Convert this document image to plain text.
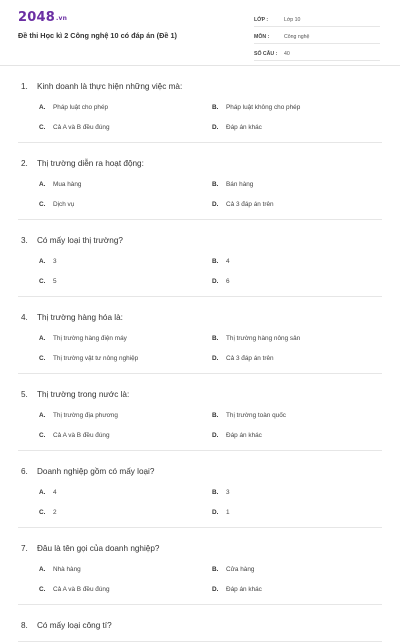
2048.vn
Đề thi Học kì 2 Công nghệ 10 có đáp án (Đề 1)
LỚP :	Lớp 10
MÔN :	Công nghệ
SỐ CÂU :	40
1.	Kinh doanh là thực hiện những việc mà:
A.	Pháp luật cho phép	B.	Pháp luật không cho phép
C.	Cả A và B đều đúng	D.	Đáp án khác
2.	Thị trường diễn ra hoạt động:
A.	Mua hàng	B.	Bán hàng
C.	Dịch vụ	D.	Cả 3 đáp án trên
3.	Có mấy loại thị trường?
A.	3	B.	4
C.	5	D.	6
4.	Thị trường hàng hóa là:
A.	Thị trường hàng điện máy	B.	Thị trường hàng nông sản
C.	Thị trường vật tư nông nghiệp	D.	Cả 3 đáp án trên
5.	Thị trường trong nước là:
A.	Thị trường địa phương	B.	Thị trường toàn quốc
C.	Cả A và B đều đúng	D.	Đáp án khác
6.	Doanh nghiệp gồm có mấy loại?
A.	4	B.	3
C.	2	D.	1
7.	Đâu là tên gọi của doanh nghiệp?
A.	Nhà hàng	B.	Cửa hàng
C.	Cả A và B đều đúng	D.	Đáp án khác
8.	Có mấy loại công tí?
